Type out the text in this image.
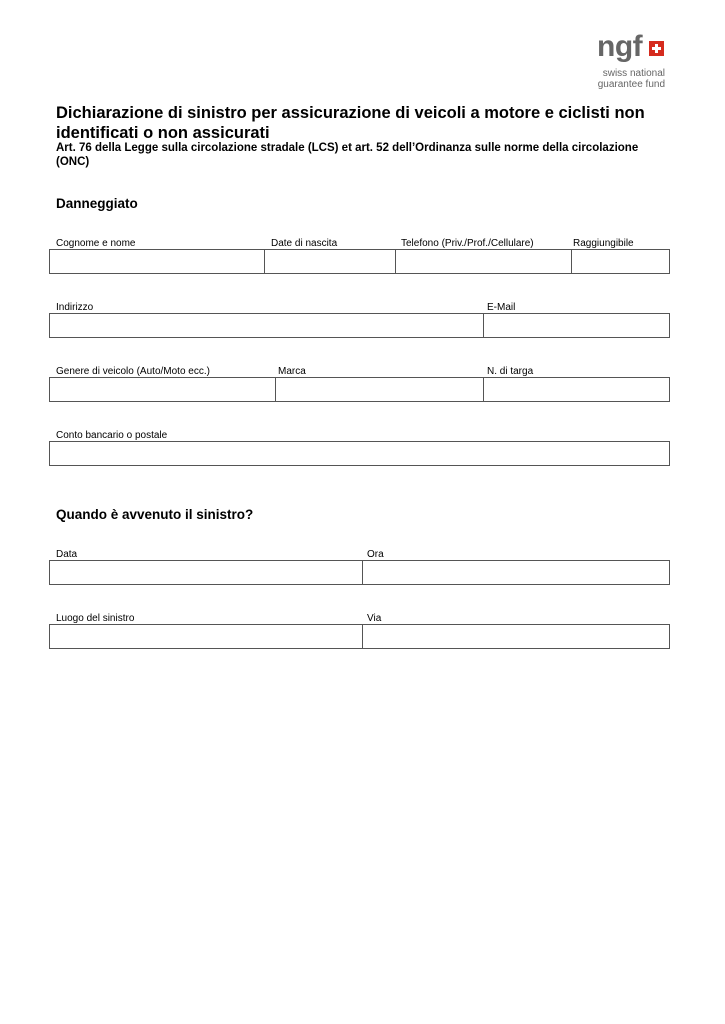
ngf
swiss national
guarantee fund
Dichiarazione di sinistro per assicurazione di veicoli a motore e ciclisti non identificati o non assicurati

Art. 76 della Legge sulla circolazione stradale (LCS) et art. 52 dell’Ordinanza sulle norme della circolazione (ONC)

Danneggiato
Cognome e nome	Date di nascita	Telefono (Priv./Prof./Cellulare)	Raggiungibile
Indirizzo	E-Mail
Genere di veicolo (Auto/Moto ecc.)	Marca	N. di targa
Conto bancario o postale
Quando è avvenuto il sinistro?
Data	Ora
Luogo del sinistro	Via
